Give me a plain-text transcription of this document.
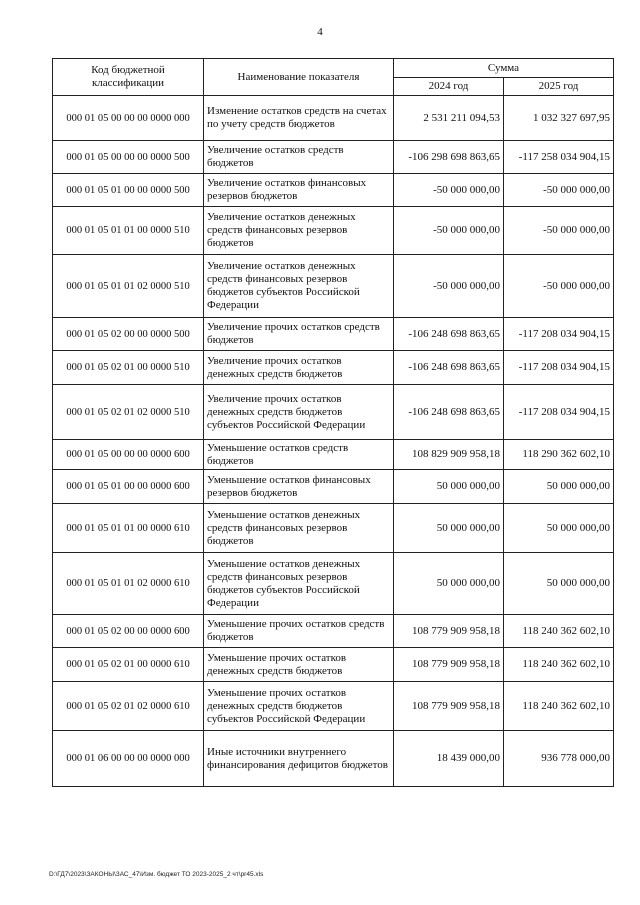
4
Код бюджетной классификации	Наименование показателя	Сумма	
		2024 год	2025 год
000 01 05 00 00 00 0000 000	Изменение остатков средств на счетах по учету средств бюджетов	2 531 211 094,53	1 032 327 697,95
000 01 05 00 00 00 0000 500	Увеличение остатков средств бюджетов	-106 298 698 863,65	-117 258 034 904,15
000 01 05 01 00 00 0000 500	Увеличение остатков финансовых резервов бюджетов	-50 000 000,00	-50 000 000,00
000 01 05 01 01 00 0000 510	Увеличение остатков денежных средств финансовых резервов бюджетов	-50 000 000,00	-50 000 000,00
000 01 05 01 01 02 0000 510	Увеличение остатков денежных средств финансовых резервов бюджетов субъектов Российской Федерации	-50 000 000,00	-50 000 000,00
000 01 05 02 00 00 0000 500	Увеличение прочих остатков средств бюджетов	-106 248 698 863,65	-117 208 034 904,15
000 01 05 02 01 00 0000 510	Увеличение прочих остатков денежных средств бюджетов	-106 248 698 863,65	-117 208 034 904,15
000 01 05 02 01 02 0000 510	Увеличение прочих остатков денежных средств бюджетов субъектов Российской Федерации	-106 248 698 863,65	-117 208 034 904,15
000 01 05 00 00 00 0000 600	Уменьшение остатков средств бюджетов	108 829 909 958,18	118 290 362 602,10
000 01 05 01 00 00 0000 600	Уменьшение остатков финансовых резервов бюджетов	50 000 000,00	50 000 000,00
000 01 05 01 01 00 0000 610	Уменьшение остатков денежных средств финансовых резервов бюджетов	50 000 000,00	50 000 000,00
000 01 05 01 01 02 0000 610	Уменьшение остатков денежных средств финансовых резервов бюджетов субъектов Российской Федерации	50 000 000,00	50 000 000,00
000 01 05 02 00 00 0000 600	Уменьшение прочих остатков средств бюджетов	108 779 909 958,18	118 240 362 602,10
000 01 05 02 01 00 0000 610	Уменьшение прочих остатков денежных средств бюджетов	108 779 909 958,18	118 240 362 602,10
000 01 05 02 01 02 0000 610	Уменьшение прочих остатков денежных средств бюджетов субъектов Российской Федерации	108 779 909 958,18	118 240 362 602,10
000 01 06 00 00 00 0000 000	Иные источники внутреннего финансирования дефицитов бюджетов	18 439 000,00	936 778 000,00
D:\ГД7\2023\ЗАКОНЫ\ЗАС_47\Изм. бюджет ТО 2023-2025_2 чт\pr45.xls
